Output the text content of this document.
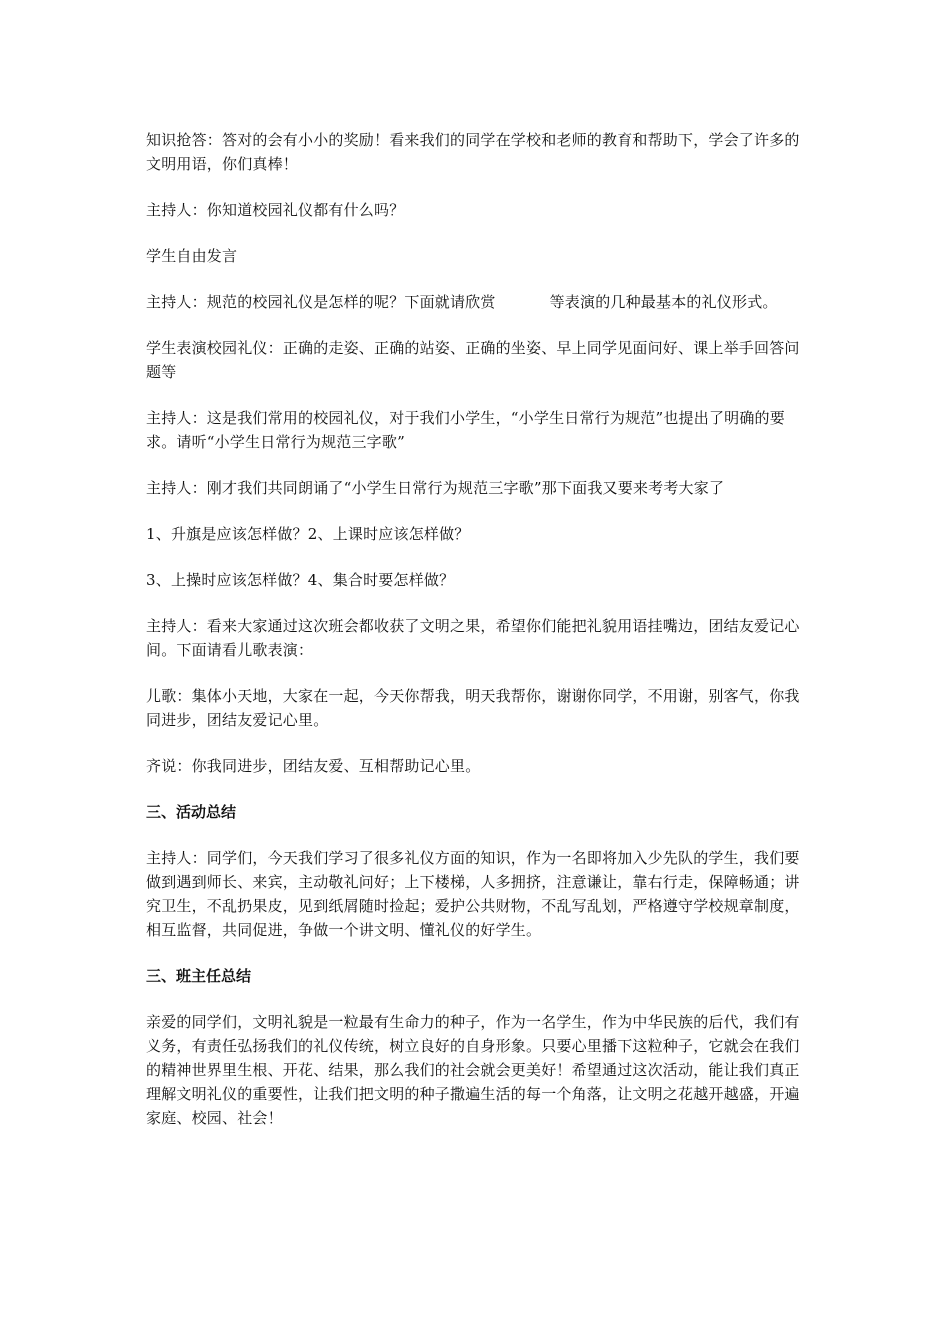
知识抢答：答对的会有小小的奖励！看来我们的同学在学校和老师的教育和帮助下，学会了许多的文明用语，你们真棒！

主持人：你知道校园礼仪都有什么吗？

学生自由发言

主持人：规范的校园礼仪是怎样的呢？下面就请欣赏	等表演的几种最基本的礼仪形式。

学生表演校园礼仪：正确的走姿、正确的站姿、正确的坐姿、早上同学见面问好、课上举手回答问题等

主持人：这是我们常用的校园礼仪，对于我们小学生，“小学生日常行为规范”也提出了明确的要求。请听“小学生日常行为规范三字歌”

主持人：刚才我们共同朗诵了“小学生日常行为规范三字歌”那下面我又要来考考大家了

1、升旗是应该怎样做？2、上课时应该怎样做？

3、上操时应该怎样做？4、集合时要怎样做？

主持人：看来大家通过这次班会都收获了文明之果，希望你们能把礼貌用语挂嘴边，团结友爱记心间。下面请看儿歌表演：

儿歌：集体小天地，大家在一起，今天你帮我，明天我帮你，谢谢你同学，不用谢，别客气，你我同进步，团结友爱记心里。

齐说：你我同进步，团结友爱、互相帮助记心里。

三、活动总结

主持人：同学们，今天我们学习了很多礼仪方面的知识，作为一名即将加入少先队的学生，我们要做到遇到师长、来宾，主动敬礼问好；上下楼梯，人多拥挤，注意谦让，靠右行走，保障畅通；讲究卫生，不乱扔果皮，见到纸屑随时捡起；爱护公共财物，不乱写乱划，严格遵守学校规章制度，相互监督，共同促进，争做一个讲文明、懂礼仪的好学生。

三、班主任总结

亲爱的同学们，文明礼貌是一粒最有生命力的种子，作为一名学生，作为中华民族的后代，我们有义务，有责任弘扬我们的礼仪传统，树立良好的自身形象。只要心里播下这粒种子，它就会在我们的精神世界里生根、开花、结果，那么我们的社会就会更美好！希望通过这次活动，能让我们真正理解文明礼仪的重要性，让我们把文明的种子撒遍生活的每一个角落，让文明之花越开越盛，开遍家庭、校园、社会！
